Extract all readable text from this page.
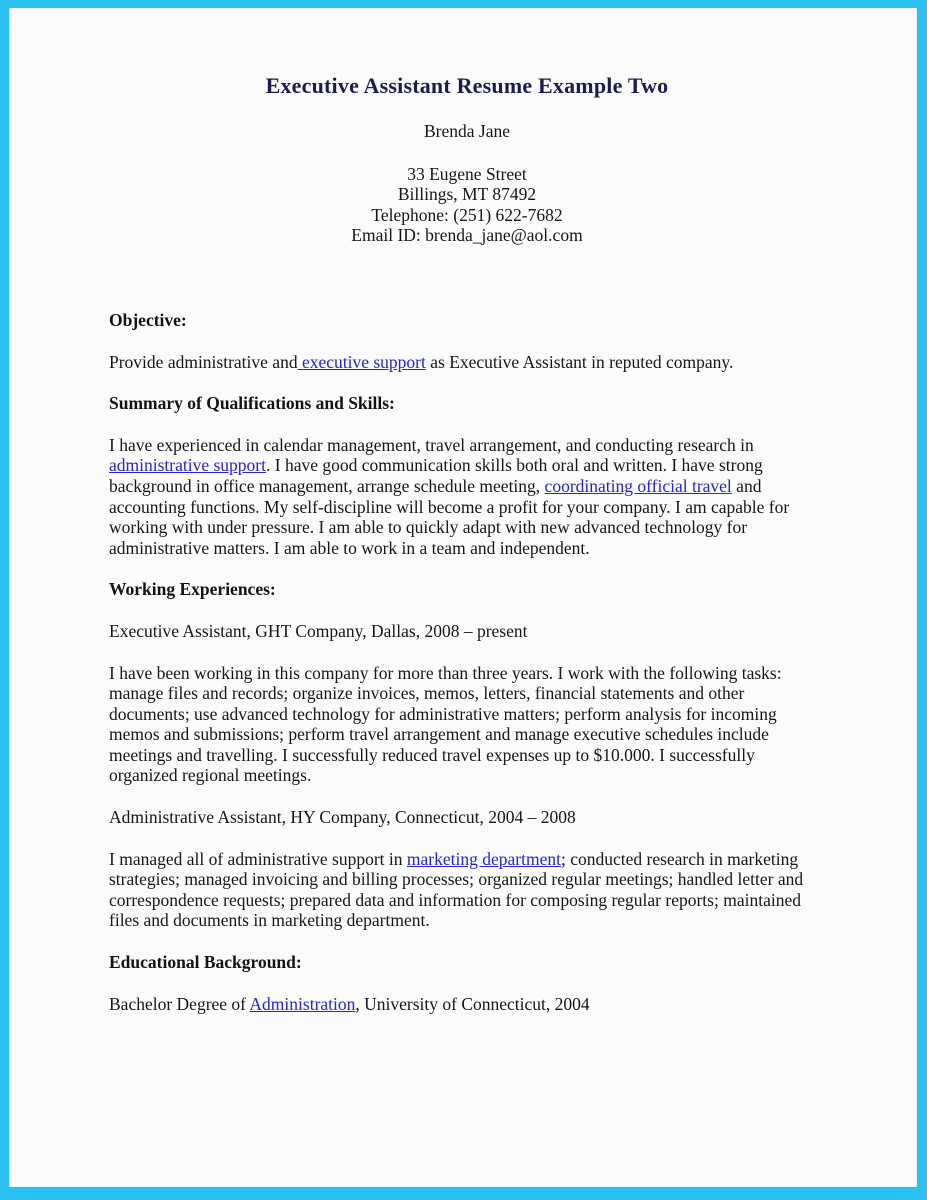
Executive Assistant Resume Example Two

Brenda Jane

33 Eugene Street
Billings, MT 87492
Telephone: (251) 622-7682
Email ID: brenda_jane@aol.com
Objective:

Provide administrative and executive support as Executive Assistant in reputed company.

Summary of Qualifications and Skills:

I have experienced in calendar management, travel arrangement, and conducting research in administrative support. I have good communication skills both oral and written. I have strong background in office management, arrange schedule meeting, coordinating official travel and accounting functions. My self-discipline will become a profit for your company. I am capable for working with under pressure. I am able to quickly adapt with new advanced technology for administrative matters. I am able to work in a team and independent.

Working Experiences:

Executive Assistant, GHT Company, Dallas, 2008 – present

I have been working in this company for more than three years. I work with the following tasks: manage files and records; organize invoices, memos, letters, financial statements and other documents; use advanced technology for administrative matters; perform analysis for incoming memos and submissions; perform travel arrangement and manage executive schedules include meetings and travelling. I successfully reduced travel expenses up to $10.000. I successfully organized regional meetings.

Administrative Assistant, HY Company, Connecticut, 2004 – 2008

I managed all of administrative support in marketing department; conducted research in marketing strategies; managed invoicing and billing processes; organized regular meetings; handled letter and correspondence requests; prepared data and information for composing regular reports; maintained files and documents in marketing department.

Educational Background:

Bachelor Degree of Administration, University of Connecticut, 2004
